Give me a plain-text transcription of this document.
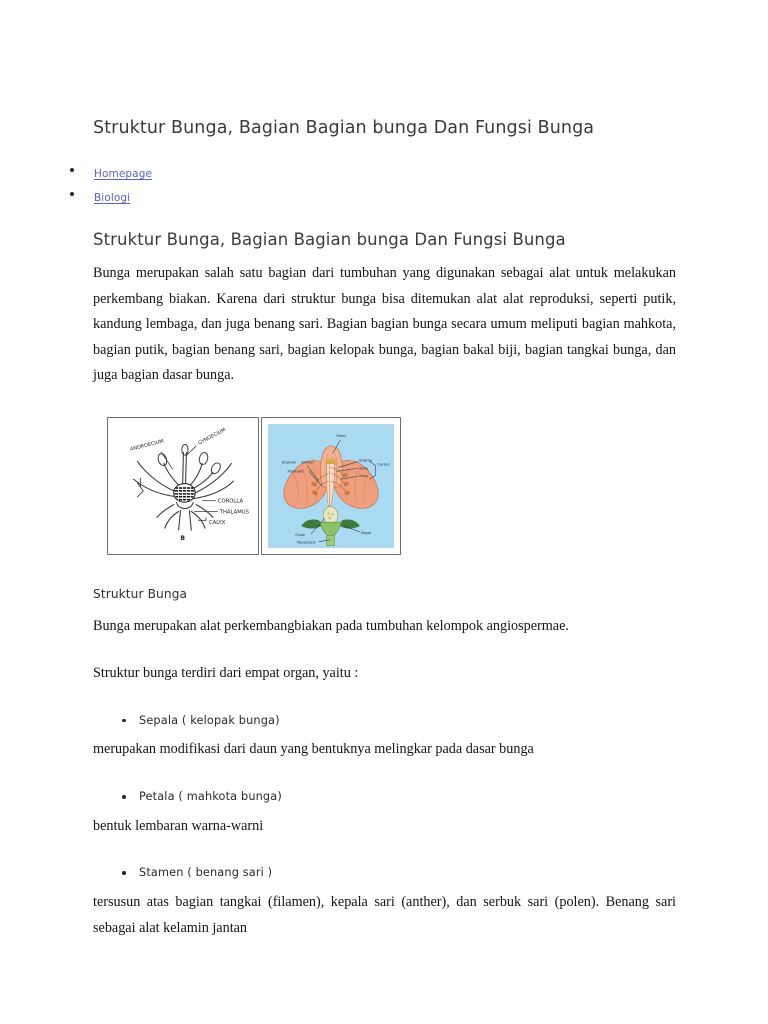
Struktur Bunga, Bagian Bagian bunga Dan Fungsi Bunga
Homepage
Biologi
Struktur Bunga, Bagian Bagian bunga Dan Fungsi Bunga

Bunga merupakan salah satu bagian dari tumbuhan yang digunakan sebagai alat untuk melakukan perkembang biakan. Karena dari struktur bunga bisa ditemukan alat alat reproduksi, seperti putik, kandung lembaga, dan juga benang sari. Bagian bagian bunga secara umum meliputi bagian mahkota, bagian putik, bagian benang sari, bagian kelopak bunga, bagian bakal biji, bagian tangkai bunga, dan juga bagian dasar bunga.

GYNOECIUM
ANDROECIUM
COROLLA
THALAMUS
CALYX
B
Petal
Stamen Anther
Filament
Stigma
Style
Ovary
Carpel
Ovule
Receptacle
Sepal
Struktur Bunga

Bunga merupakan alat perkembangbiakan pada tumbuhan kelompok angiospermae.

Struktur bunga terdiri dari empat organ, yaitu :

Sepala ( kelopak bunga)

merupakan modifikasi dari daun yang bentuknya melingkar pada dasar bunga

Petala ( mahkota bunga)

bentuk lembaran warna-warni

Stamen ( benang sari )

tersusun atas bagian tangkai (filamen), kepala sari (anther), dan serbuk sari (polen). Benang sari sebagai alat kelamin jantan
